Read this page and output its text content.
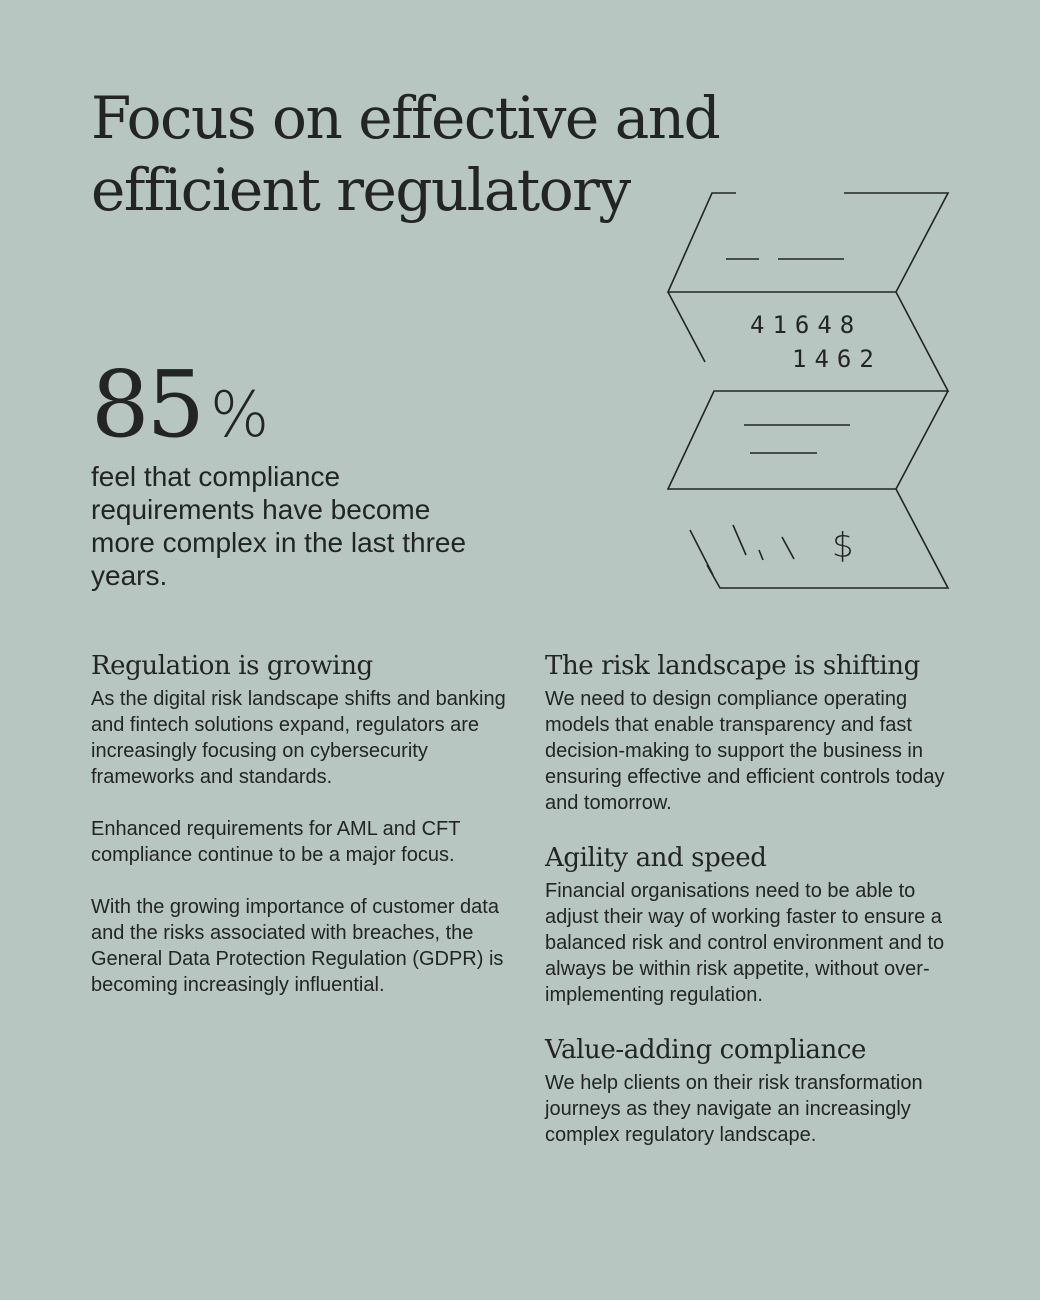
Focus on effective and efficient regulatory
85 %
feel that compliance requirements have become more complex in the last three years.
41648
1462
$
Regulation is growing

As the digital risk landscape shifts and banking and fintech solutions expand, regulators are increasingly focusing on cybersecurity frameworks and standards.

Enhanced requirements for AML and CFT compliance continue to be a major focus.

With the growing importance of customer data and the risks associated with breaches, the General Data Protection Regulation (GDPR) is becoming increasingly influential.

The risk landscape is shifting

We need to design compliance operating models that enable transparency and fast decision-making to support the business in ensuring effective and efficient controls today and tomorrow.

Agility and speed

Financial organisations need to be able to adjust their way of working faster to ensure a balanced risk and control environment and to always be within risk appetite, without over-implementing regulation.

Value-adding compliance

We help clients on their risk transformation journeys as they navigate an increasingly complex regulatory landscape.
